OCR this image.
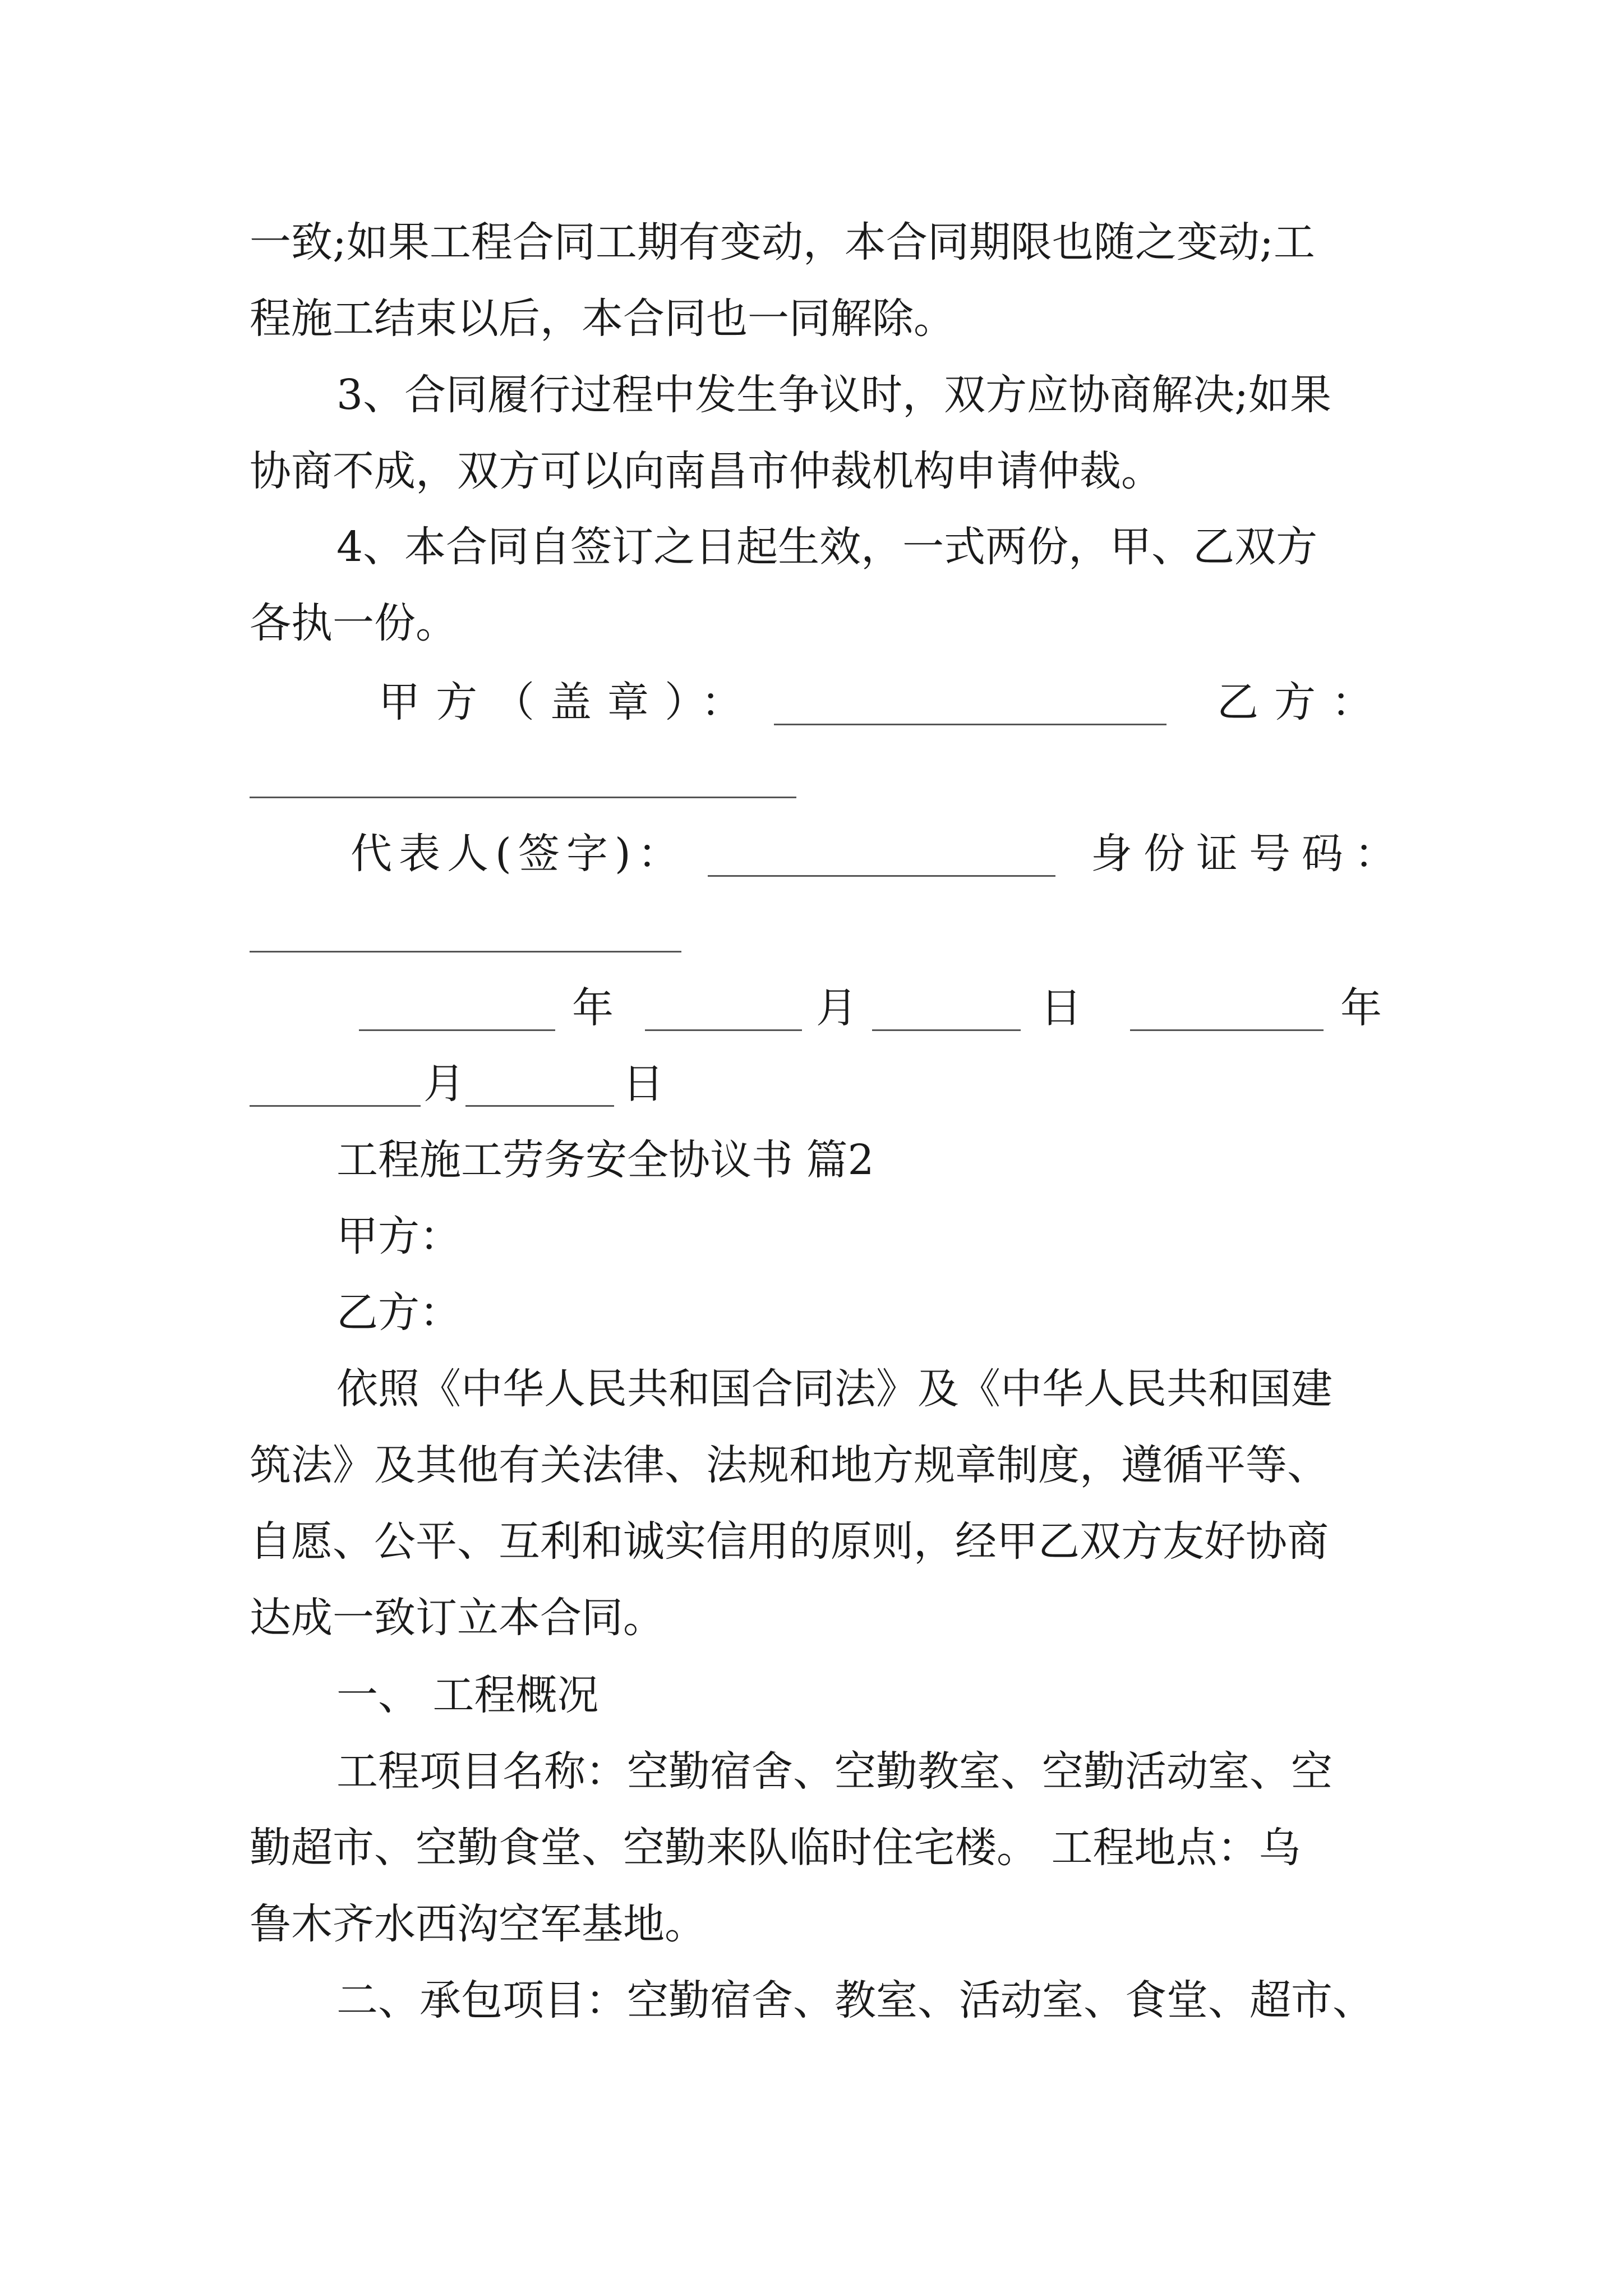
一致;如果工程合同工期有变动，本合同期限也随之变动;工
程施工结束以后，本合同也一同解除。
3、合同履行过程中发生争议时，双方应协商解决;如果
协商不成，双方可以向南昌市仲裁机构申请仲裁。
4、本合同自签订之日起生效，一式两份，甲、乙双方
各执一份。
甲方（盖章）：	乙方：
代表人(签字)：	身份证号码：
年	月	日	年
月	日
工程施工劳务安全协议书 篇2
甲方：
乙方：
依照《中华人民共和国合同法》及《中华人民共和国建
筑法》及其他有关法律、法规和地方规章制度，遵循平等、
自愿、公平、互利和诚实信用的原则，经甲乙双方友好协商
达成一致订立本合同。
一、 工程概况
工程项目名称：空勤宿舍、空勤教室、空勤活动室、空
勤超市、空勤食堂、空勤来队临时住宅楼。 工程地点：乌
鲁木齐水西沟空军基地。
二、承包项目：空勤宿舍、教室、活动室、食堂、超市、
